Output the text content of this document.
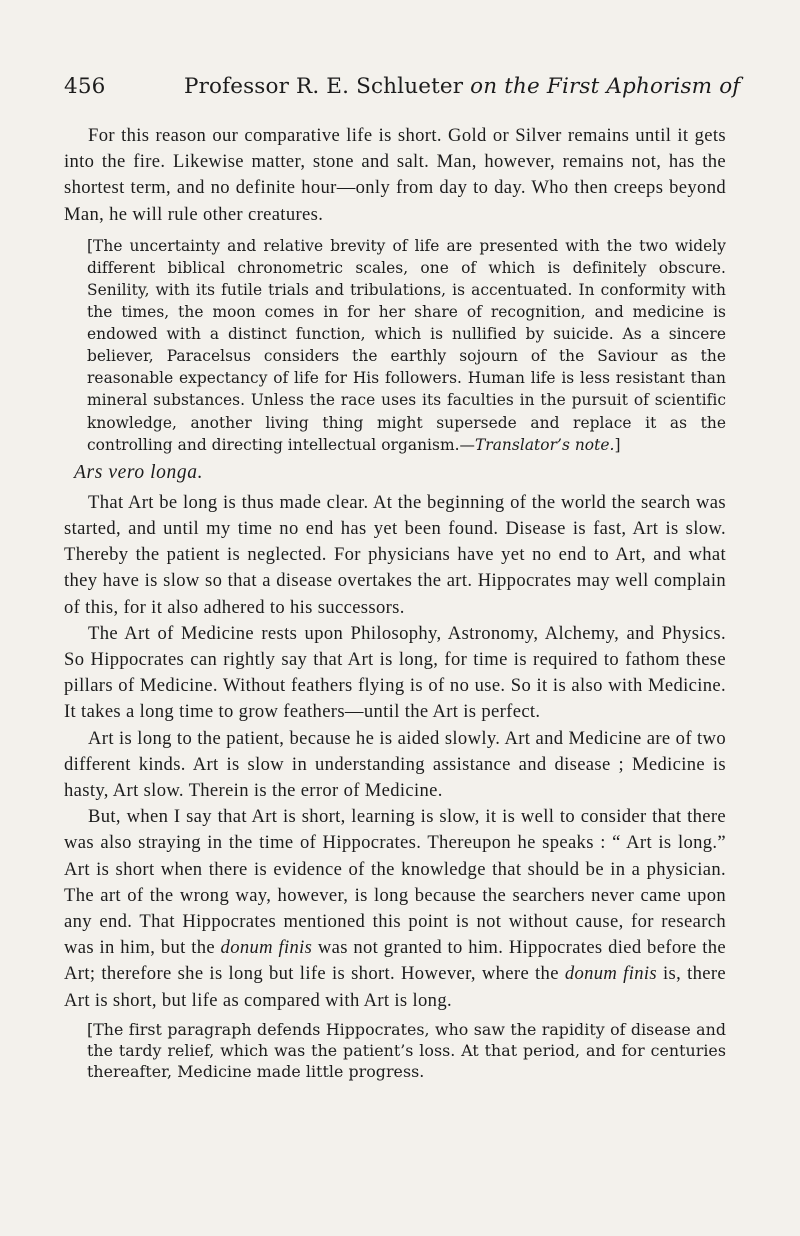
456	Professor R. E. Schlueter on the First Aphorism of

For this reason our comparative life is short. Gold or Silver remains until it gets into the fire. Likewise matter, stone and salt. Man, however, remains not, has the shortest term, and no definite hour—only from day to day. Who then creeps beyond Man, he will rule other creatures.

[The uncertainty and relative brevity of life are presented with the two widely different biblical chronometric scales, one of which is definitely obscure. Senility, with its futile trials and tribulations, is accentuated. In conformity with the times, the moon comes in for her share of recognition, and medicine is endowed with a distinct function, which is nullified by suicide. As a sincere believer, Paracelsus considers the earthly sojourn of the Saviour as the reasonable expectancy of life for His followers. Human life is less resistant than mineral substances. Unless the race uses its faculties in the pursuit of scientific knowledge, another living thing might supersede and replace it as the controlling and directing intellectual organism.—Translator’s note.]

Ars vero longa.

That Art be long is thus made clear. At the beginning of the world the search was started, and until my time no end has yet been found. Disease is fast, Art is slow. Thereby the patient is neglected. For physicians have yet no end to Art, and what they have is slow so that a disease overtakes the art. Hippocrates may well complain of this, for it also adhered to his successors.

The Art of Medicine rests upon Philosophy, Astronomy, Alchemy, and Physics. So Hippocrates can rightly say that Art is long, for time is required to fathom these pillars of Medicine. Without feathers flying is of no use. So it is also with Medicine. It takes a long time to grow feathers—until the Art is perfect.

Art is long to the patient, because he is aided slowly. Art and Medicine are of two different kinds. Art is slow in understanding assistance and disease ; Medicine is hasty, Art slow. Therein is the error of Medicine.

But, when I say that Art is short, learning is slow, it is well to consider that there was also straying in the time of Hippocrates. Thereupon he speaks : “ Art is long.” Art is short when there is evidence of the knowledge that should be in a physician. The art of the wrong way, however, is long because the searchers never came upon any end. That Hippocrates mentioned this point is not without cause, for research was in him, but the donum finis was not granted to him. Hippocrates died before the Art; therefore she is long but life is short. However, where the donum finis is, there Art is short, but life as compared with Art is long.

[The first paragraph defends Hippocrates, who saw the rapidity of disease and the tardy relief, which was the patient’s loss. At that period, and for centuries thereafter, Medicine made little progress.
